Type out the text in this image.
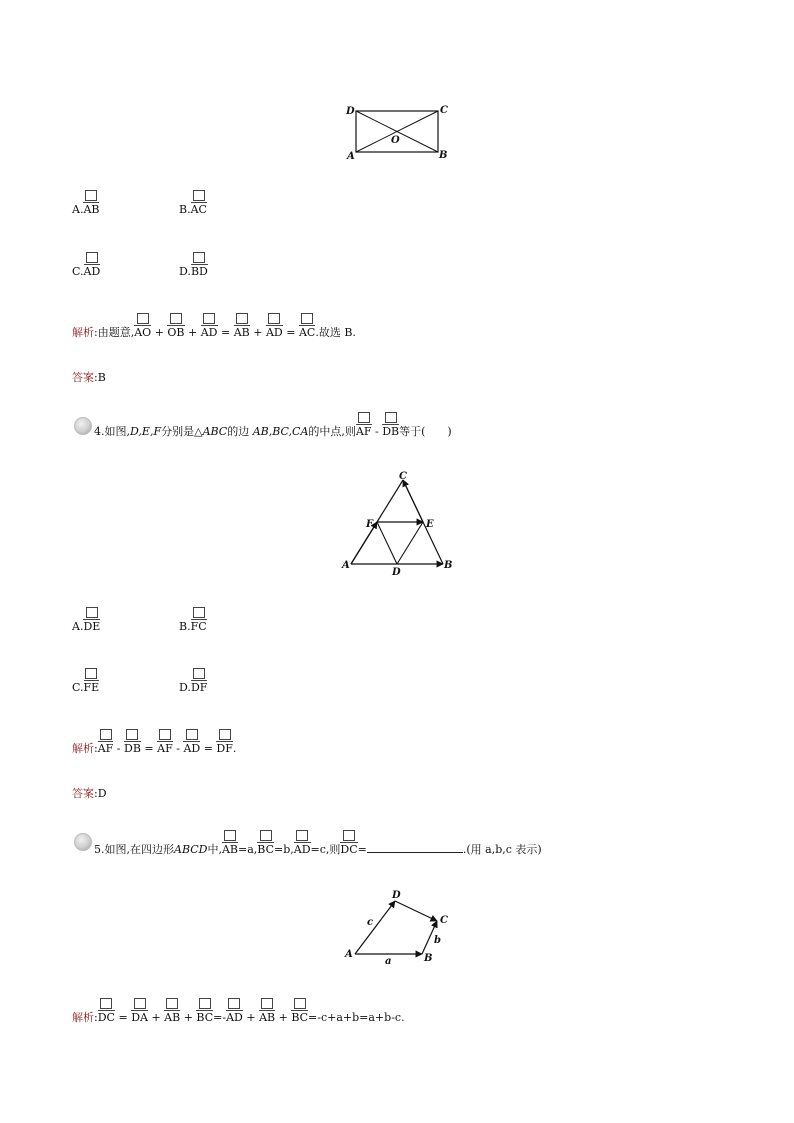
D	C
A	B
O
A.AB	B.AC
C.AD	D.BD
解析:由题意,AO + OB + AD = AB + AD = AC.故选 B.
答案:B
4.如图,D,E,F分别是△ABC的边 AB,BC,CA的中点,则AF - DB等于(　　)
C
F	E
A
D
B
A.DE	B.FC
C.FE	D.DF
解析:AF - DB = AF - AD = DF.
答案:D
5.如图,在四边形ABCD中,AB=a,BC=b,AD=c,则DC=	.(用 a,b,c 表示)
D
C
A	B
a
b
c
解析:DC = DA + AB + BC=-AD + AB + BC=-c+a+b=a+b-c.
